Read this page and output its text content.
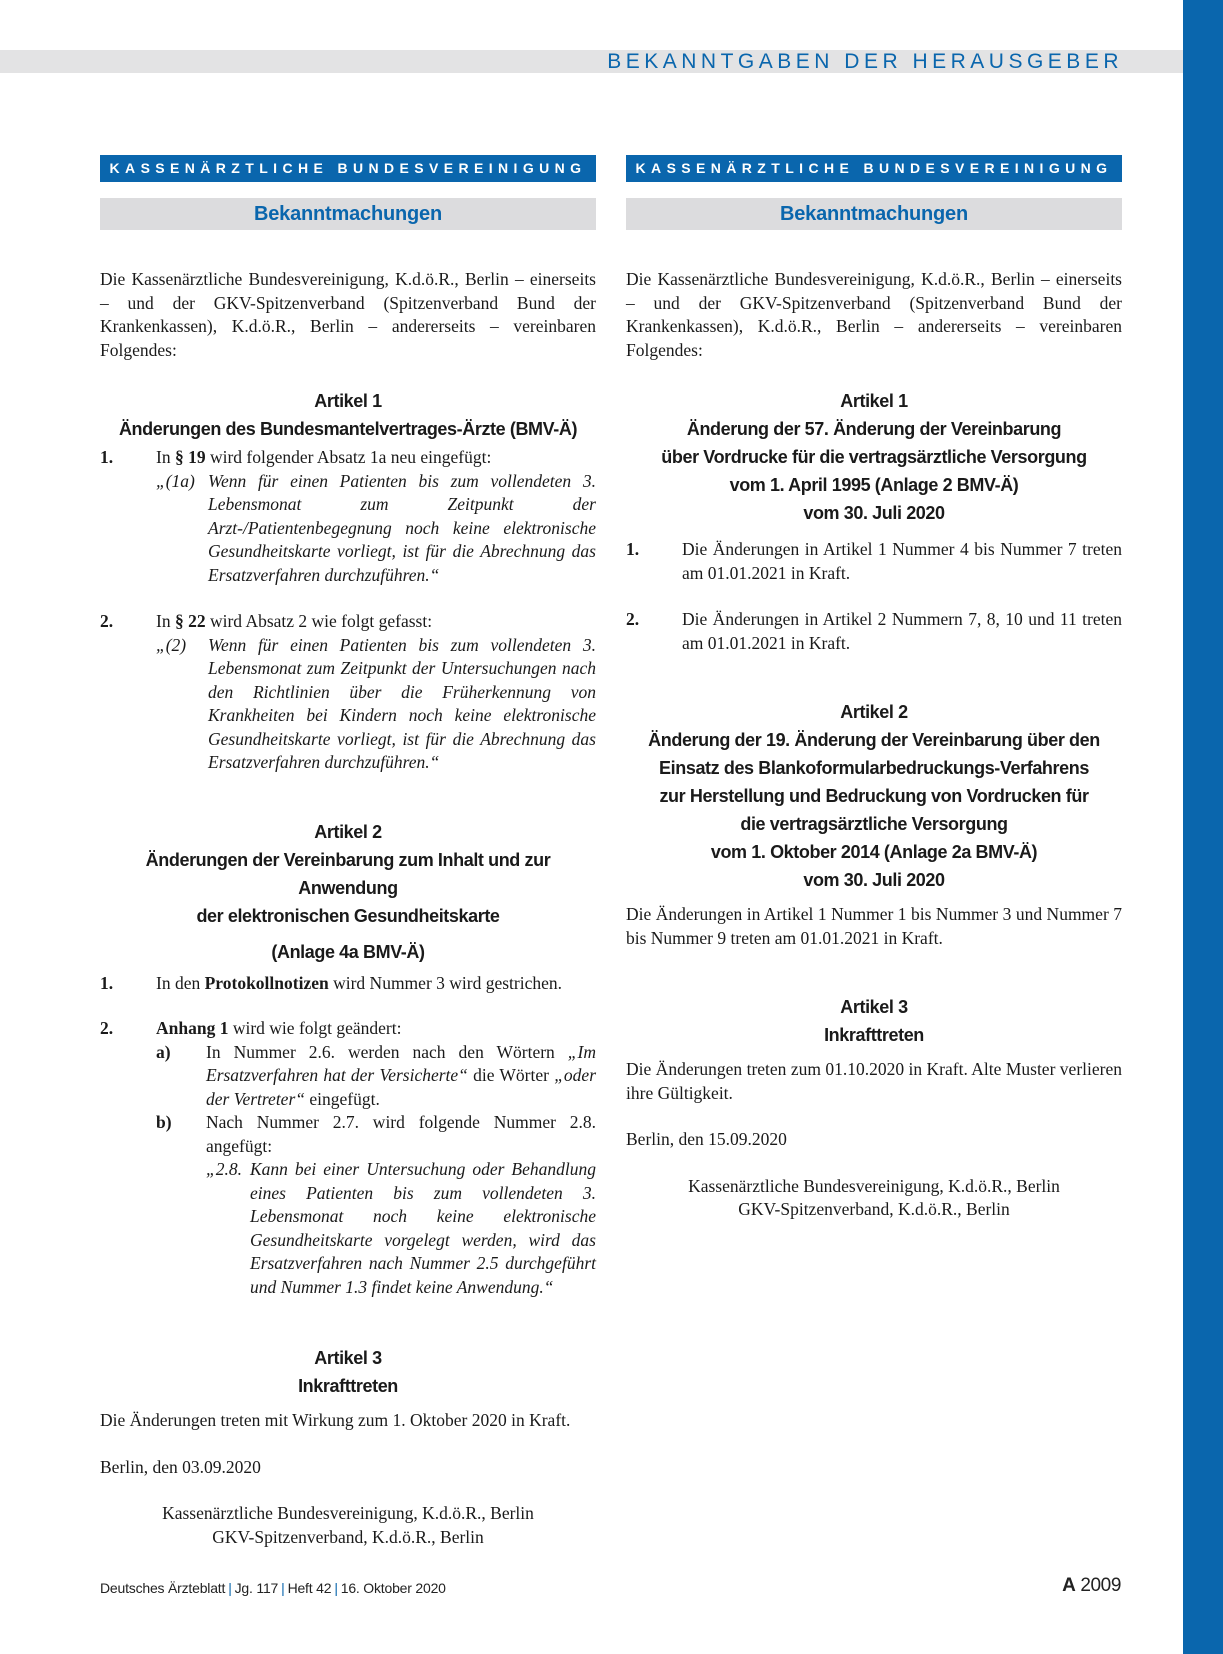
BEKANNTGABEN DER HERAUSGEBER
KASSENÄRZTLICHE BUNDESVEREINIGUNG
Bekanntmachungen

Die Kassenärztliche Bundesvereinigung, K.d.ö.R., Berlin – einerseits – und der GKV-Spitzenverband (Spitzenverband Bund der Krankenkassen), K.d.ö.R., Berlin – andererseits – vereinbaren Folgendes:

Artikel 1
Änderungen des Bundesmantelvertrages-Ärzte (BMV-Ä)
1. In § 19 wird folgender Absatz 1a neu eingefügt:
„(1a) Wenn für einen Patienten bis zum vollendeten 3. Lebensmonat zum Zeitpunkt der Arzt-/Patientenbegegnung noch keine elektronische Gesundheitskarte vorliegt, ist für die Abrechnung das Ersatzverfahren durchzuführen.“
2. In § 22 wird Absatz 2 wie folgt gefasst:
„(2) Wenn für einen Patienten bis zum vollendeten 3. Lebensmonat zum Zeitpunkt der Untersuchungen nach den Richtlinien über die Früherkennung von Krankheiten bei Kindern noch keine elektronische Gesundheitskarte vorliegt, ist für die Abrechnung das Ersatzverfahren durchzuführen.“
Artikel 2
Änderungen der Vereinbarung zum Inhalt und zur Anwendung
der elektronischen Gesundheitskarte
(Anlage 4a BMV-Ä)
1. In den Protokollnotizen wird Nummer 3 wird gestrichen.
2. Anhang 1 wird wie folgt geändert:
a) In Nummer 2.6. werden nach den Wörtern „Im Ersatzverfahren hat der Versicherte“ die Wörter „oder der Vertreter“ eingefügt.

b) Nach Nummer 2.7. wird folgende Nummer 2.8. angefügt:

„2.8. Kann bei einer Untersuchung oder Behandlung eines Patienten bis zum vollendeten 3. Lebensmonat noch keine elektronische Gesundheitskarte vorgelegt werden, wird das Ersatzverfahren nach Nummer 2.5 durchgeführt und Nummer 1.3 findet keine Anwendung.“
Artikel 3
Inkrafttreten

Die Änderungen treten mit Wirkung zum 1. Oktober 2020 in Kraft.

Berlin, den 03.09.2020

Kassenärztliche Bundesvereinigung, K.d.ö.R., Berlin

GKV-Spitzenverband, K.d.ö.R., Berlin

KASSENÄRZTLICHE BUNDESVEREINIGUNG
Bekanntmachungen

Die Kassenärztliche Bundesvereinigung, K.d.ö.R., Berlin – einerseits – und der GKV-Spitzenverband (Spitzenverband Bund der Krankenkassen), K.d.ö.R., Berlin – andererseits – vereinbaren Folgendes:

Artikel 1
Änderung der 57. Änderung der Vereinbarung
über Vordrucke für die vertragsärztliche Versorgung
vom 1. April 1995 (Anlage 2 BMV-Ä)
vom 30. Juli 2020
1. Die Änderungen in Artikel 1 Nummer 4 bis Nummer 7 treten am 01.01.2021 in Kraft.

2. Die Änderungen in Artikel 2 Nummern 7, 8, 10 und 11 treten am 01.01.2021 in Kraft.

Artikel 2
Änderung der 19. Änderung der Vereinbarung über den
Einsatz des Blankoformularbedruckungs-Verfahrens
zur Herstellung und Bedruckung von Vordrucken für
die vertragsärztliche Versorgung
vom 1. Oktober 2014 (Anlage 2a BMV-Ä)
vom 30. Juli 2020

Die Änderungen in Artikel 1 Nummer 1 bis Nummer 3 und Nummer 7 bis Nummer 9 treten am 01.01.2021 in Kraft.

Artikel 3
Inkrafttreten

Die Änderungen treten zum 01.10.2020 in Kraft. Alte Muster verlieren ihre Gültigkeit.

Berlin, den 15.09.2020

Kassenärztliche Bundesvereinigung, K.d.ö.R., Berlin

GKV-Spitzenverband, K.d.ö.R., Berlin

Deutsches Ärzteblatt | Jg. 117 | Heft 42 | 16. Oktober 2020	A 2009
